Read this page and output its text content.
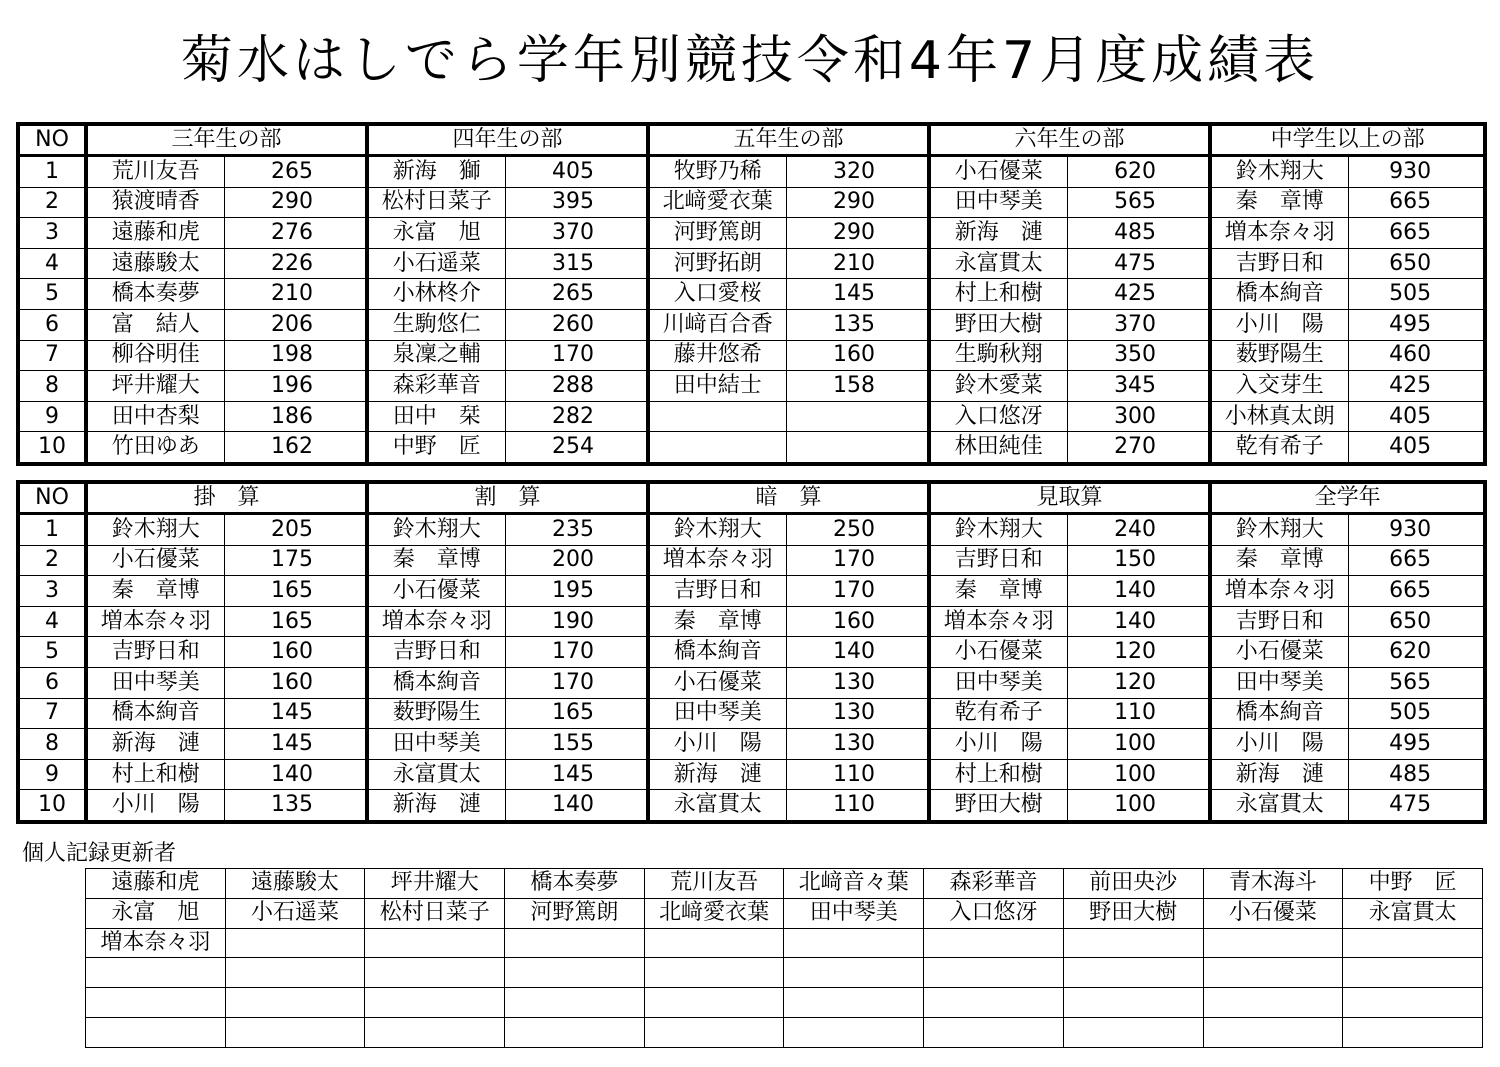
菊水はしでら学年別競技令和4年7月度成績表
NO	三年生の部		四年生の部		五年生の部		六年生の部		中学生以上の部	
1	荒川友吾	265	新海　獅	405	牧野乃稀	320	小石優菜	620	鈴木翔大	930
2	猿渡晴香	290	松村日菜子	395	北﨑愛衣葉	290	田中琴美	565	秦　章博	665
3	遠藤和虎	276	永富　旭	370	河野篤朗	290	新海　漣	485	増本奈々羽	665
4	遠藤駿太	226	小石遥菜	315	河野拓朗	210	永富貫太	475	吉野日和	650
5	橋本奏夢	210	小林柊介	265	入口愛桜	145	村上和樹	425	橋本絢音	505
6	富　結人	206	生駒悠仁	260	川﨑百合香	135	野田大樹	370	小川　陽	495
7	柳谷明佳	198	泉凜之輔	170	藤井悠希	160	生駒秋翔	350	薮野陽生	460
8	坪井耀大	196	森彩華音	288	田中結士	158	鈴木愛菜	345	入交芽生	425
9	田中杏梨	186	田中　栞	282			入口悠冴	300	小林真太朗	405
10	竹田ゆあ	162	中野　匠	254			林田純佳	270	乾有希子	405
NO	掛　算		割　算		暗　算		見取算		全学年	
1	鈴木翔大	205	鈴木翔大	235	鈴木翔大	250	鈴木翔大	240	鈴木翔大	930
2	小石優菜	175	秦　章博	200	増本奈々羽	170	吉野日和	150	秦　章博	665
3	秦　章博	165	小石優菜	195	吉野日和	170	秦　章博	140	増本奈々羽	665
4	増本奈々羽	165	増本奈々羽	190	秦　章博	160	増本奈々羽	140	吉野日和	650
5	吉野日和	160	吉野日和	170	橋本絢音	140	小石優菜	120	小石優菜	620
6	田中琴美	160	橋本絢音	170	小石優菜	130	田中琴美	120	田中琴美	565
7	橋本絢音	145	薮野陽生	165	田中琴美	130	乾有希子	110	橋本絢音	505
8	新海　漣	145	田中琴美	155	小川　陽	130	小川　陽	100	小川　陽	495
9	村上和樹	140	永富貫太	145	新海　漣	110	村上和樹	100	新海　漣	485
10	小川　陽	135	新海　漣	140	永富貫太	110	野田大樹	100	永富貫太	475
個人記録更新者
遠藤和虎	遠藤駿太	坪井耀大	橋本奏夢	荒川友吾	北﨑音々葉	森彩華音	前田央沙	青木海斗	中野　匠
永富　旭	小石遥菜	松村日菜子	河野篤朗	北﨑愛衣葉	田中琴美	入口悠冴	野田大樹	小石優菜	永富貫太
増本奈々羽									
